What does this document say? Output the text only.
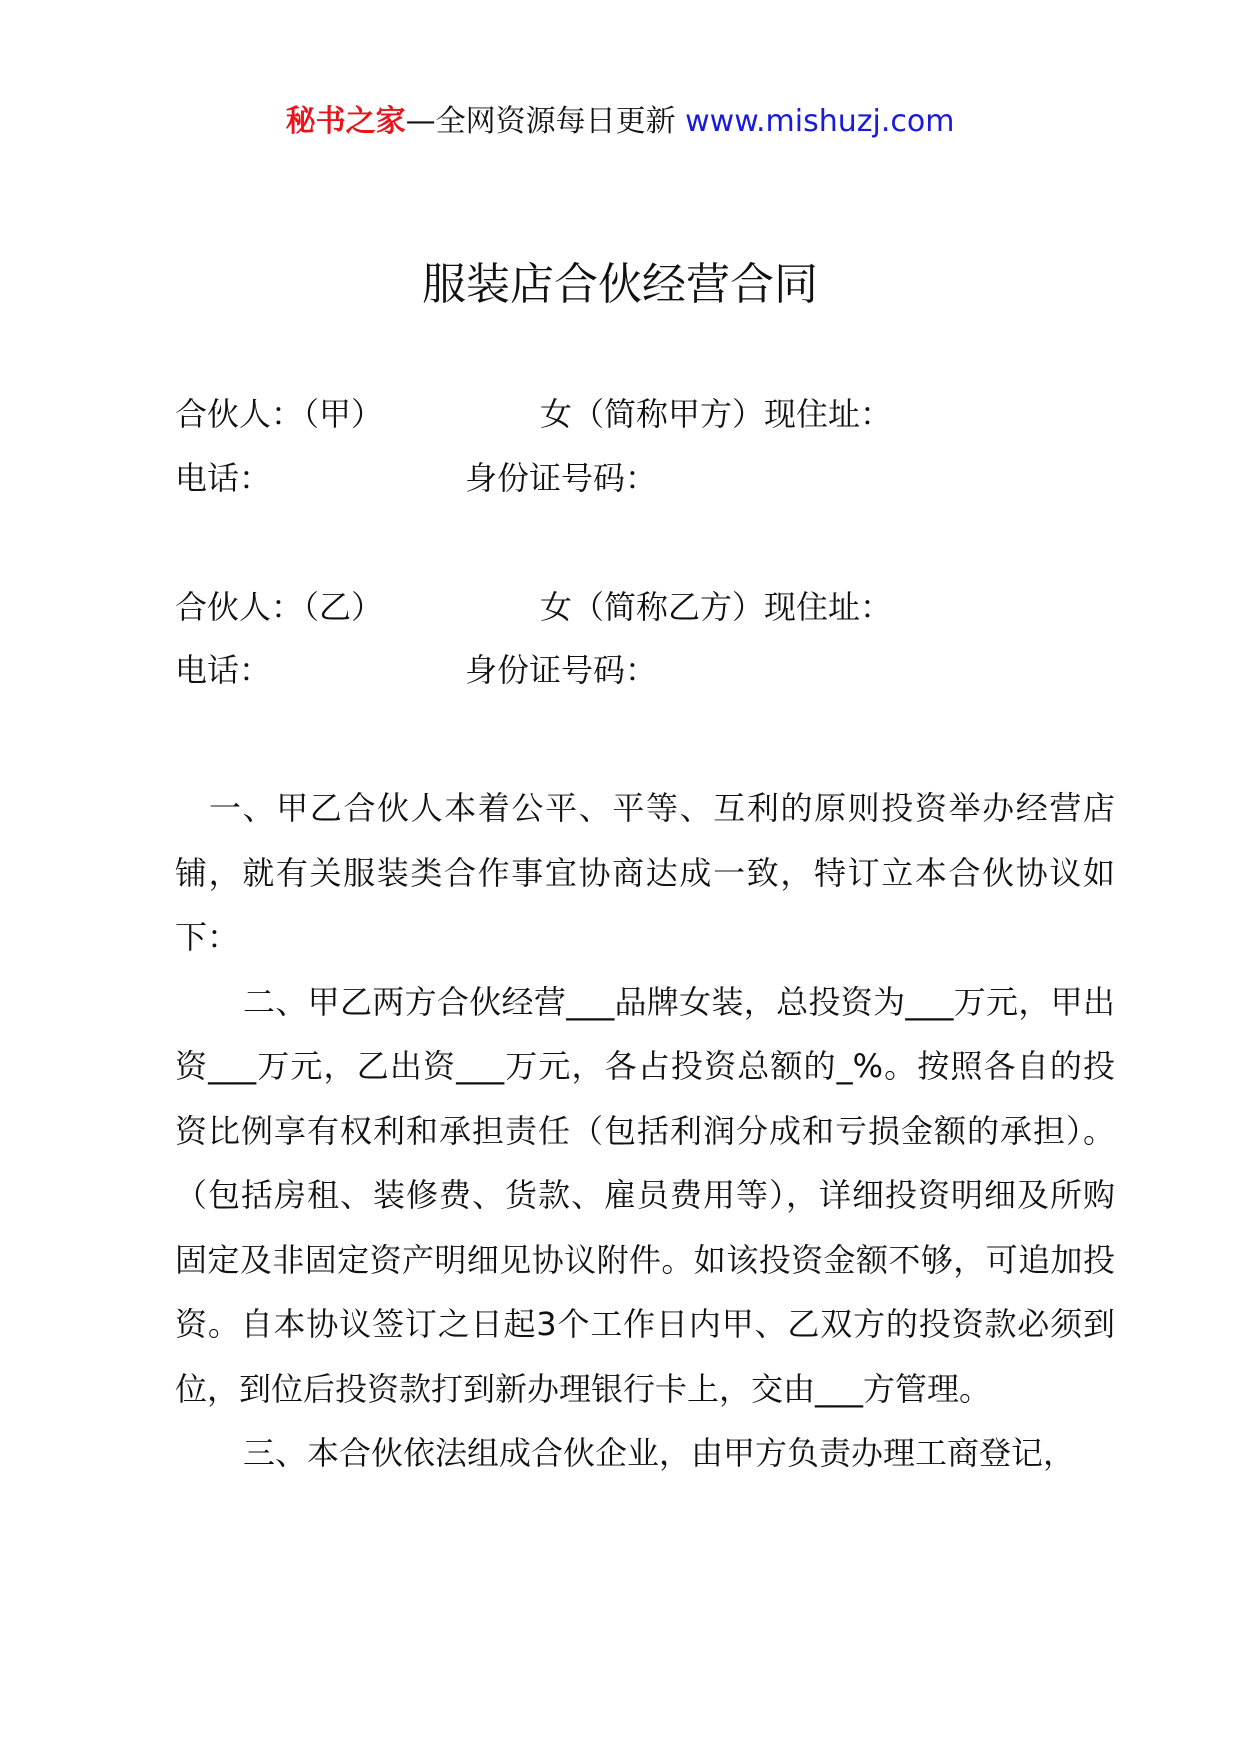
秘书之家—全网资源每日更新 www.mishuzj.com
服装店合伙经营合同
合伙人：（甲）	女（简称甲方）现住址：
电话：	身份证号码：
合伙人：（乙）	女（简称乙方）现住址：
电话：	身份证号码：

一、甲乙合伙人本着公平、平等、互利的原则投资举办经营店铺，就有关服装类合作事宜协商达成一致，特订立本合伙协议如下：

二、甲乙两方合伙经营___品牌女装，总投资为___万元，甲出资___万元，乙出资___万元，各占投资总额的_%。按照各自的投资比例享有权利和承担责任（包括利润分成和亏损金额的承担）。（包括房租、装修费、货款、雇员费用等），详细投资明细及所购固定及非固定资产明细见协议附件。如该投资金额不够，可追加投资。自本协议签订之日起3个工作日内甲、乙双方的投资款必须到位，到位后投资款打到新办理银行卡上，交由___方管理。

三、本合伙依法组成合伙企业，由甲方负责办理工商登记，
